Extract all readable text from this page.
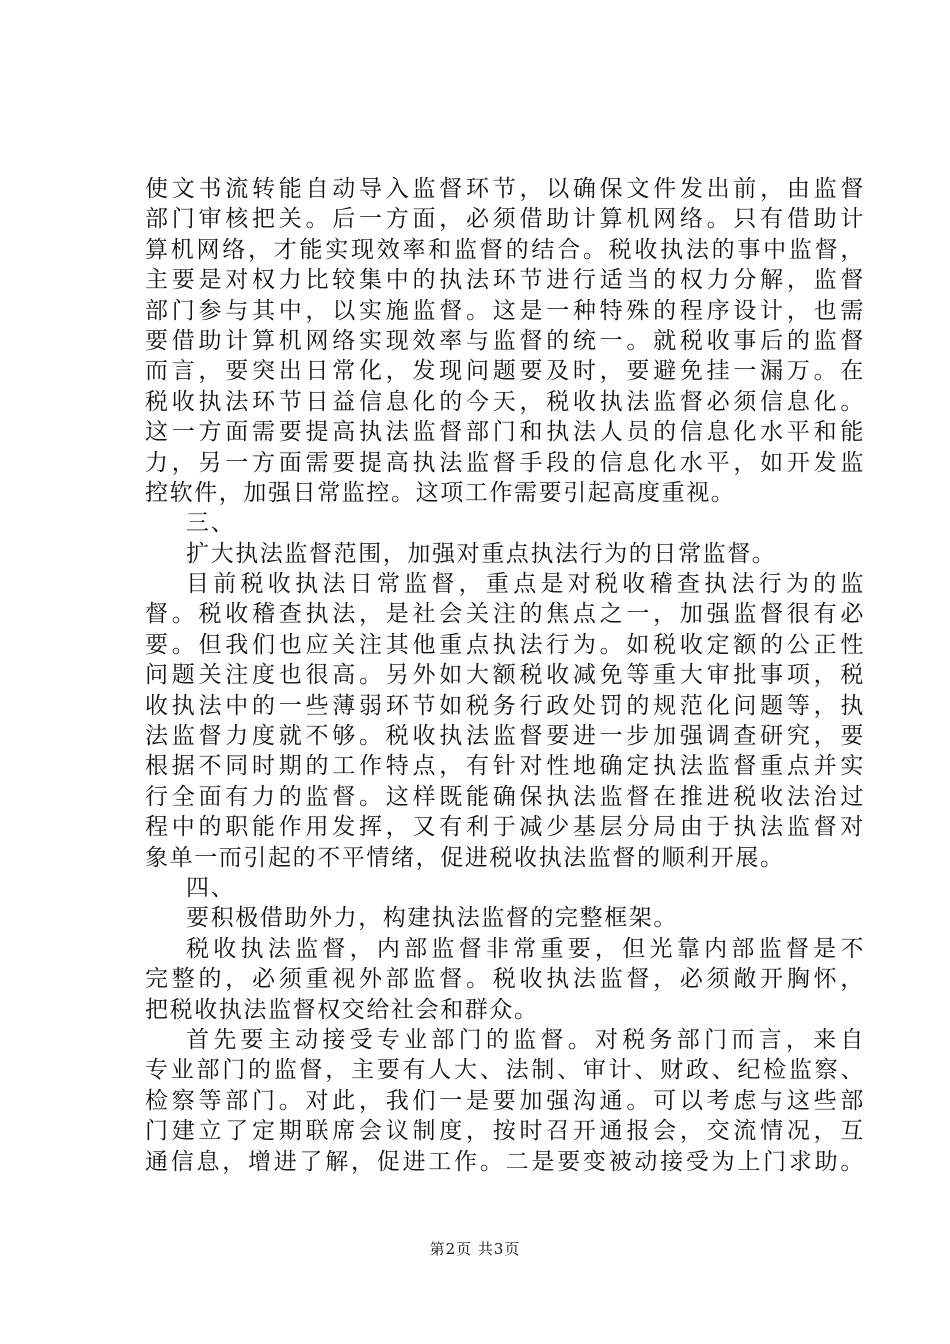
使文书流转能自动导入监督环节，以确保文件发出前，由监督
部门审核把关。后一方面，必须借助计算机网络。只有借助计
算机网络，才能实现效率和监督的结合。税收执法的事中监督，
主要是对权力比较集中的执法环节进行适当的权力分解，监督
部门参与其中，以实施监督。这是一种特殊的程序设计，也需
要借助计算机网络实现效率与监督的统一。就税收事后的监督
而言，要突出日常化，发现问题要及时，要避免挂一漏万。在
税收执法环节日益信息化的今天，税收执法监督必须信息化。
这一方面需要提高执法监督部门和执法人员的信息化水平和能
力，另一方面需要提高执法监督手段的信息化水平，如开发监
控软件，加强日常监控。这项工作需要引起高度重视。
三、
扩大执法监督范围，加强对重点执法行为的日常监督。
目前税收执法日常监督，重点是对税收稽查执法行为的监
督。税收稽查执法，是社会关注的焦点之一，加强监督很有必
要。但我们也应关注其他重点执法行为。如税收定额的公正性
问题关注度也很高。另外如大额税收减免等重大审批事项，税
收执法中的一些薄弱环节如税务行政处罚的规范化问题等，执
法监督力度就不够。税收执法监督要进一步加强调查研究，要
根据不同时期的工作特点，有针对性地确定执法监督重点并实
行全面有力的监督。这样既能确保执法监督在推进税收法治过
程中的职能作用发挥，又有利于减少基层分局由于执法监督对
象单一而引起的不平情绪，促进税收执法监督的顺利开展。
四、
要积极借助外力，构建执法监督的完整框架。
税收执法监督，内部监督非常重要，但光靠内部监督是不
完整的，必须重视外部监督。税收执法监督，必须敞开胸怀，
把税收执法监督权交给社会和群众。
首先要主动接受专业部门的监督。对税务部门而言，来自
专业部门的监督，主要有人大、法制、审计、财政、纪检监察、
检察等部门。对此，我们一是要加强沟通。可以考虑与这些部
门建立了定期联席会议制度，按时召开通报会，交流情况，互
通信息，增进了解，促进工作。二是要变被动接受为上门求助。
第2页 共3页
